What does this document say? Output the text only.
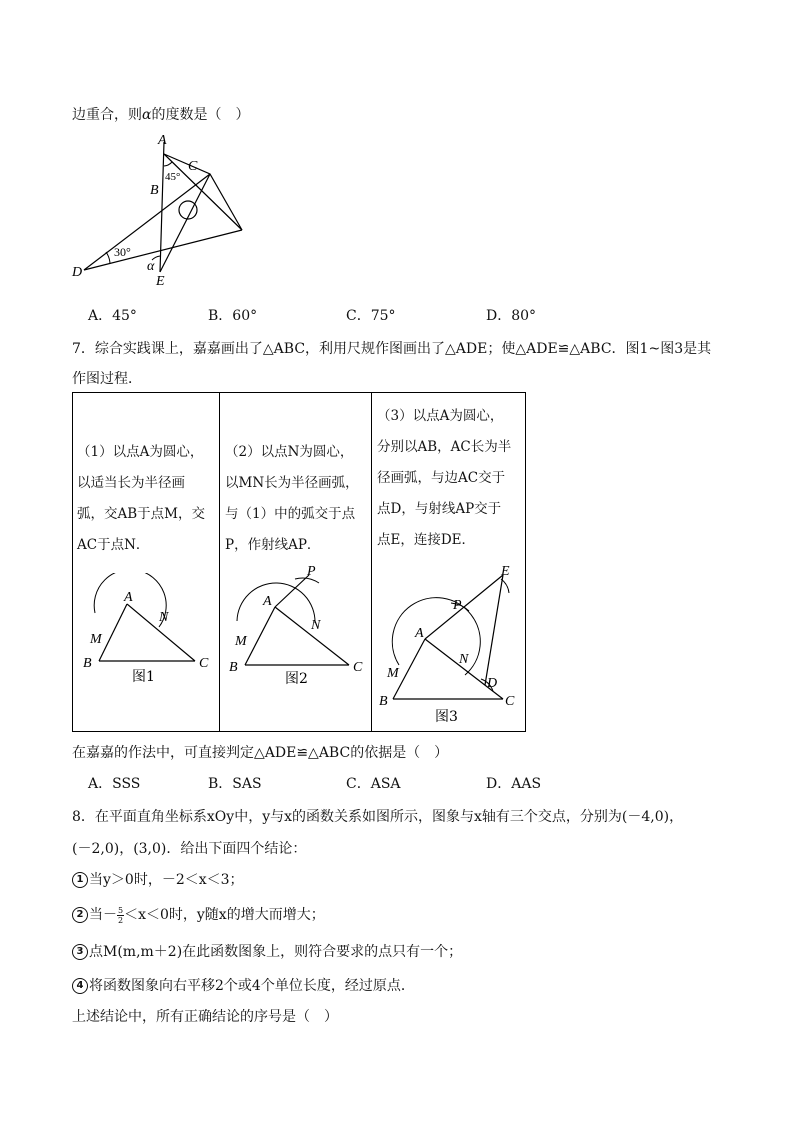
边重合，则α的度数是（　）
A
C
B
D
E
α
45°
30°
A．45°	B．60°	C．75°	D．80°
7．综合实践课上，嘉嘉画出了△ABC，利用尺规作图画出了△ADE；使△ADE≌△ABC．图1~图3是其
作图过程．
（1）以点A为圆心，
以适当长为半径画
弧，交AB于点M，交
AC于点N．
（2）以点N为圆心，
以MN长为半径画弧，
与（1）中的弧交于点
P，作射线AP．
（3）以点A为圆心，
分别以AB，AC长为半
径画弧，与边AC交于
点D，与射线AP交于
点E，连接DE．
A
M
N
B	C
图1
A
P
M
N
B	C
图2
A
P
E
M
N
D
B	C
图3
在嘉嘉的作法中，可直接判定△ADE≌△ABC的依据是（　）
A．SSS	B．SAS	C．ASA	D．AAS
8．在平面直角坐标系xOy中，y与x的函数关系如图所示，图象与x轴有三个交点，分别为(－4,0)，
(－2,0)，(3,0)．给出下面四个结论：
1 当y＞0时，－2＜x＜3；
2 当－ $\frac{5}{2} <x<0$时，y随x的增大而增大；
3 点M(m,m＋2)在此函数图象上，则符合要求的点只有一个；
4 将函数图象向右平移2个或4个单位长度，经过原点．
上述结论中，所有正确结论的序号是（　）
